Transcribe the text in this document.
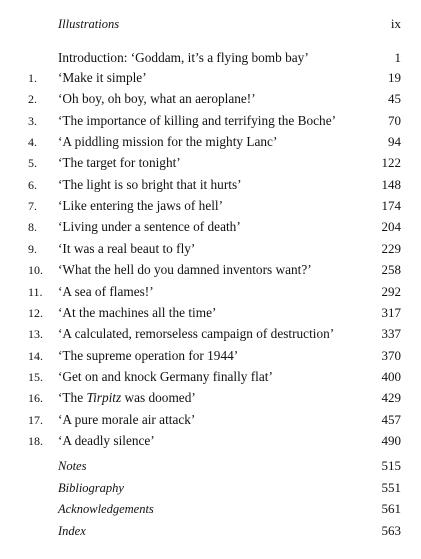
Illustrations	ix
Introduction: ‘Goddam, it’s a flying bomb bay’	1
1. ‘Make it simple’	19
2. ‘Oh boy, oh boy, what an aeroplane!’	45
3. ‘The importance of killing and terrifying the Boche’	70
4. ‘A piddling mission for the mighty Lanc’	94
5. ‘The target for tonight’	122
6. ‘The light is so bright that it hurts’	148
7. ‘Like entering the jaws of hell’	174
8. ‘Living under a sentence of death’	204
9. ‘It was a real beaut to fly’	229
10. ‘What the hell do you damned inventors want?’	258
11. ‘A sea of flames!’	292
12. ‘At the machines all the time’	317
13. ‘A calculated, remorseless campaign of destruction’	337
14. ‘The supreme operation for 1944’	370
15. ‘Get on and knock Germany finally flat’	400
16. ‘The Tirpitz was doomed’	429
17. ‘A pure morale air attack’	457
18. ‘A deadly silence’	490
Notes	515
Bibliography	551
Acknowledgements	561
Index	563
